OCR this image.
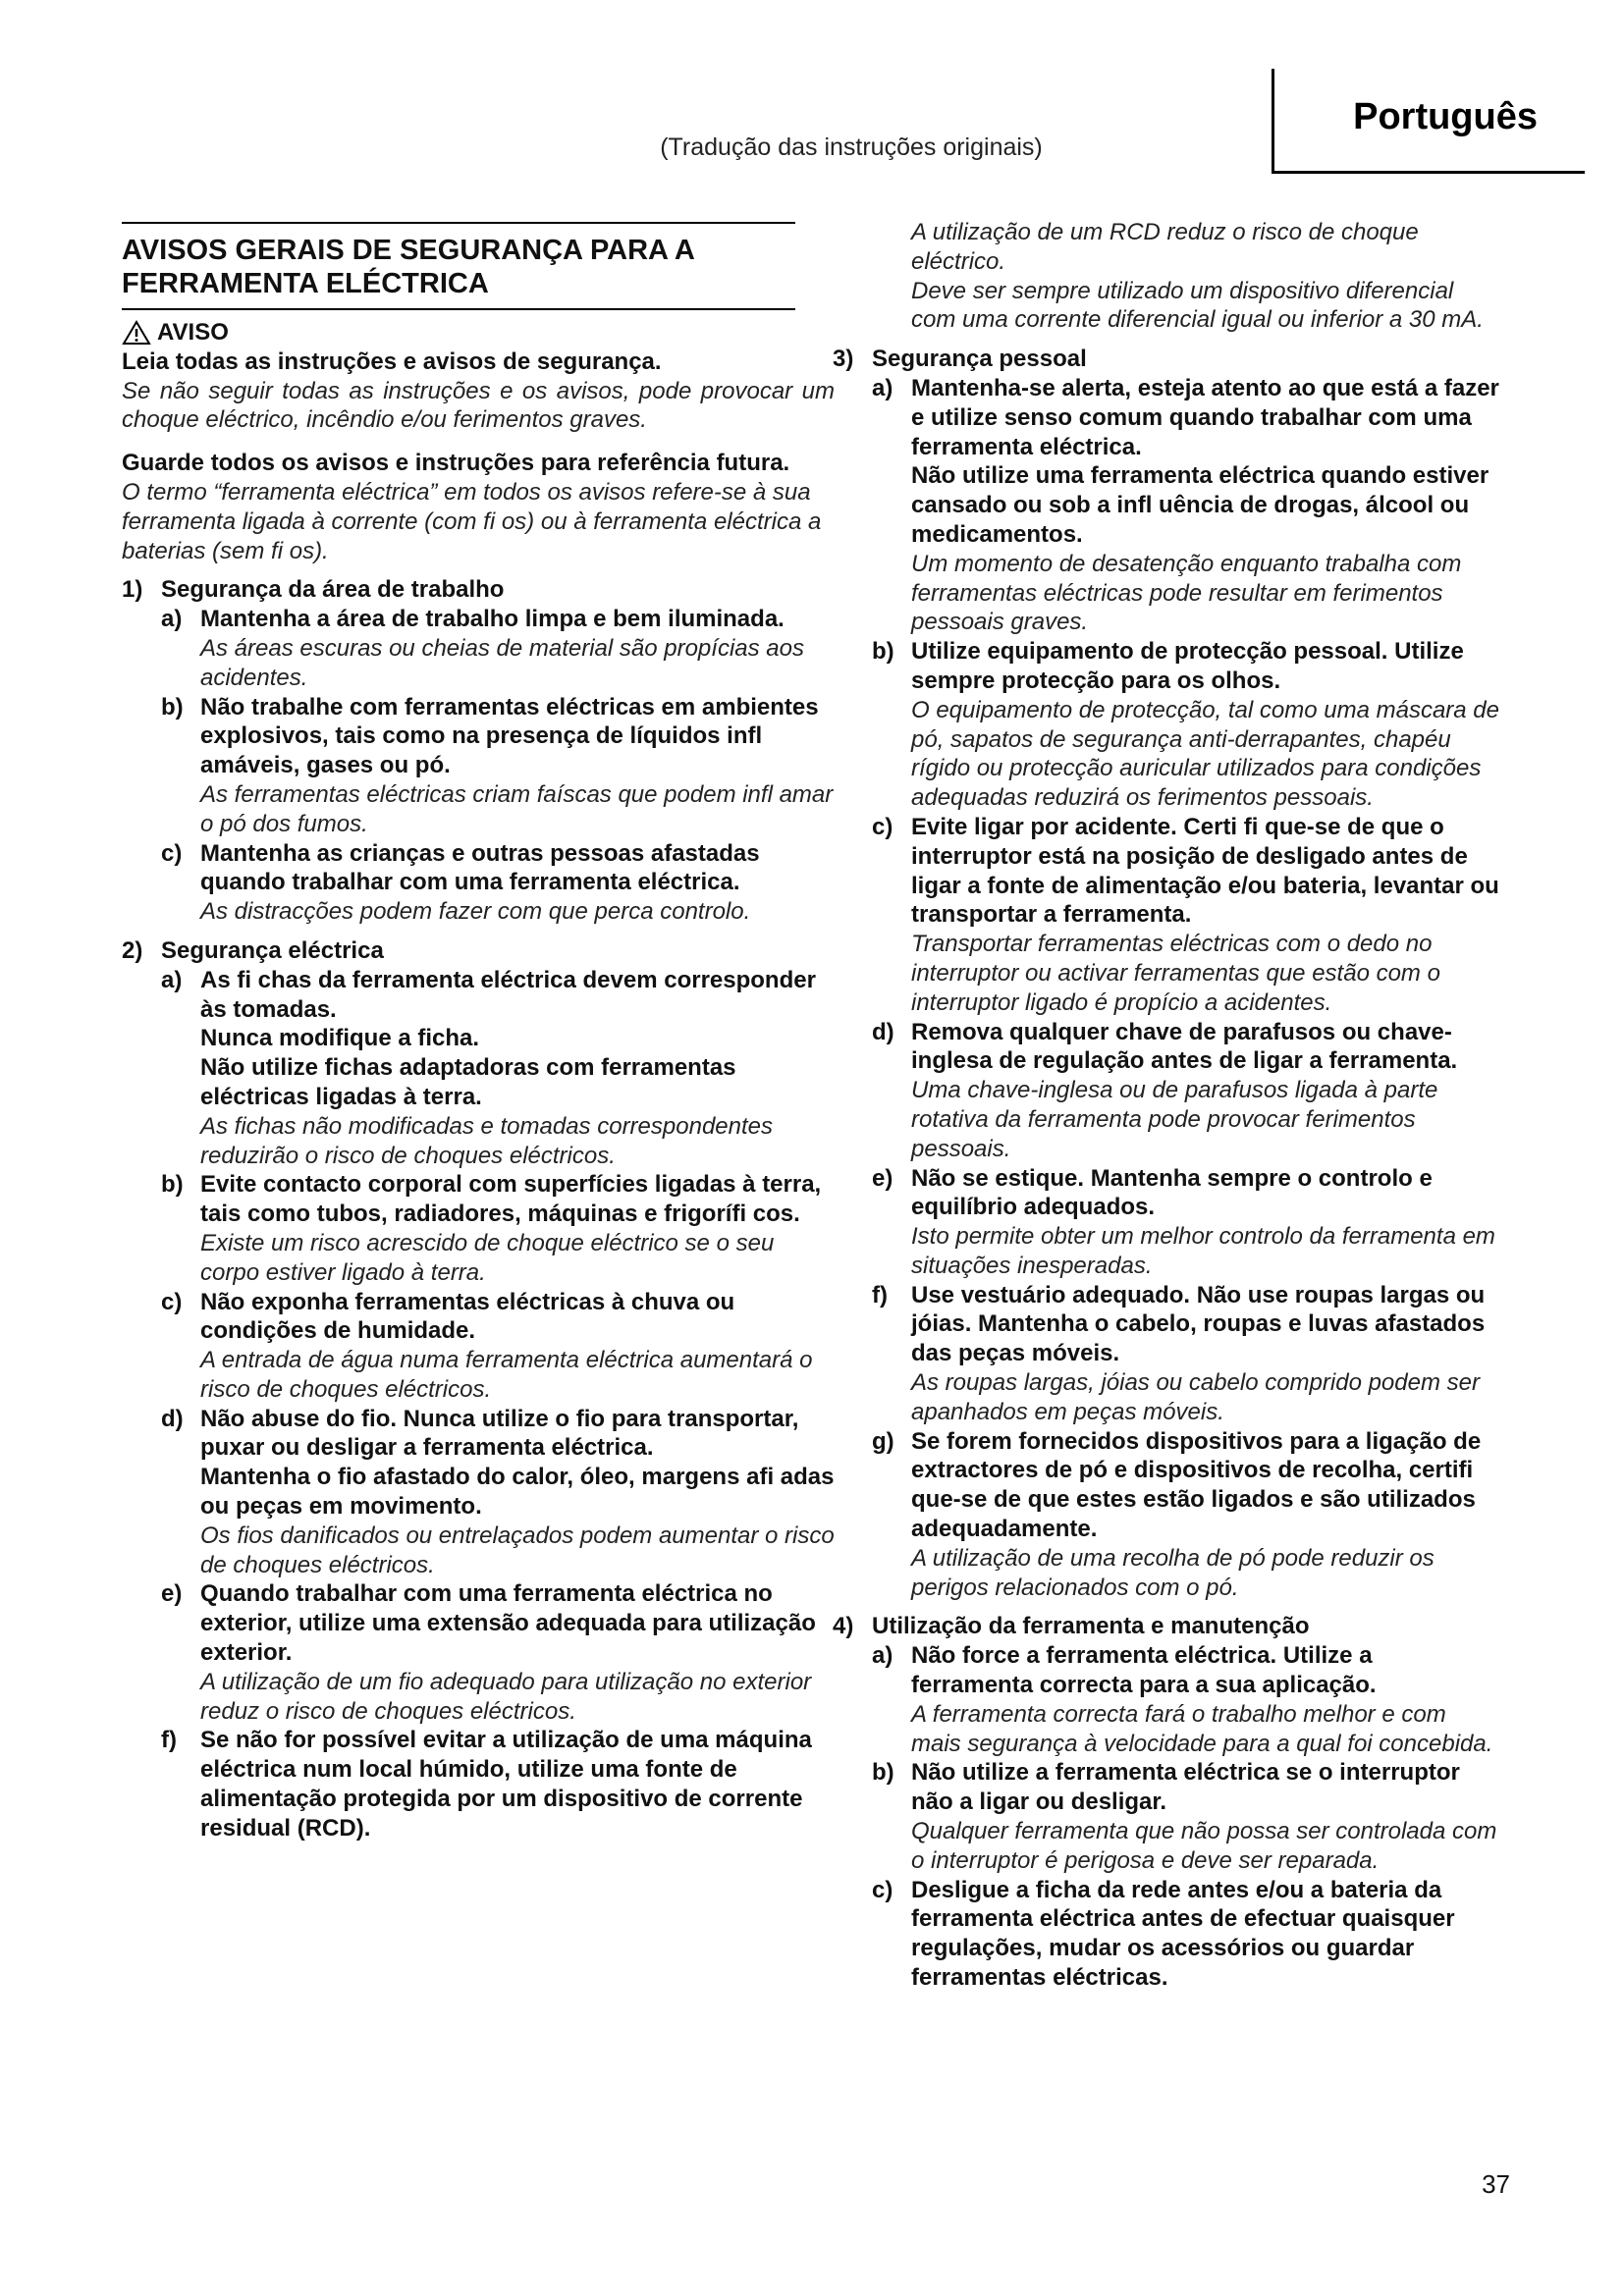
Português
(Tradução das instruções originais)
AVISOS GERAIS DE SEGURANÇA PARA A FERRAMENTA ELÉCTRICA
AVISO

Leia todas as instruções e avisos de segurança.

Se não seguir todas as instruções e os avisos, pode provocar um choque eléctrico, incêndio e/ou ferimentos graves.

Guarde todos os avisos e instruções para referência futura.

O termo “ferramenta eléctrica” em todos os avisos refere-se à sua ferramenta ligada à corrente (com fi os) ou à ferramenta eléctrica a baterias (sem fi os).

1) Segurança da área de trabalho
a) Mantenha a área de trabalho limpa e bem iluminada.

As áreas escuras ou cheias de material são propícias aos acidentes.

b) Não trabalhe com ferramentas eléctricas em ambientes explosivos, tais como na presença de líquidos infl amáveis, gases ou pó.

As ferramentas eléctricas criam faíscas que podem infl amar o pó dos fumos.

c) Mantenha as crianças e outras pessoas afastadas quando trabalhar com uma ferramenta eléctrica.

As distracções podem fazer com que perca controlo.

2) Segurança eléctrica
a) As fi chas da ferramenta eléctrica devem corresponder às tomadas.

Nunca modifique a ficha.

Não utilize fichas adaptadoras com ferramentas eléctricas ligadas à terra.

As fichas não modificadas e tomadas correspondentes reduzirão o risco de choques eléctricos.

b) Evite contacto corporal com superfícies ligadas à terra, tais como tubos, radiadores, máquinas e frigoríﬁ cos.

Existe um risco acrescido de choque eléctrico se o seu corpo estiver ligado à terra.

c) Não exponha ferramentas eléctricas à chuva ou condições de humidade.

A entrada de água numa ferramenta eléctrica aumentará o risco de choques eléctricos.

d) Não abuse do fio. Nunca utilize o fio para transportar, puxar ou desligar a ferramenta eléctrica.

Mantenha o fio afastado do calor, óleo, margens afi adas ou peças em movimento.

Os fios danificados ou entrelaçados podem aumentar o risco de choques eléctricos.

e) Quando trabalhar com uma ferramenta eléctrica no exterior, utilize uma extensão adequada para utilização exterior.

A utilização de um fio adequado para utilização no exterior reduz o risco de choques eléctricos.

f)	Se não for possível evitar a utilização de uma máquina eléctrica num local húmido, utilize uma fonte de alimentação protegida por um dispositivo de corrente residual (RCD).

A utilização de um RCD reduz o risco de choque eléctrico.

Deve ser sempre utilizado um dispositivo diferencial com uma corrente diferencial igual ou inferior a 30 mA.

3) Segurança pessoal
a) Mantenha-se alerta, esteja atento ao que está a fazer e utilize senso comum quando trabalhar com uma ferramenta eléctrica.

Não utilize uma ferramenta eléctrica quando estiver cansado ou sob a infl uência de drogas, álcool ou medicamentos.

Um momento de desatenção enquanto trabalha com ferramentas eléctricas pode resultar em ferimentos pessoais graves.

b) Utilize equipamento de protecção pessoal. Utilize sempre protecção para os olhos.

O equipamento de protecção, tal como uma máscara de pó, sapatos de segurança anti-derrapantes, chapéu rígido ou protecção auricular utilizados para condições adequadas reduzirá os ferimentos pessoais.

c) Evite ligar por acidente. Certi fi que-se de que o interruptor está na posição de desligado antes de ligar a fonte de alimentação e/ou bateria, levantar ou transportar a ferramenta.

Transportar ferramentas eléctricas com o dedo no interruptor ou activar ferramentas que estão com o interruptor ligado é propício a acidentes.

d) Remova qualquer chave de parafusos ou chave-inglesa de regulação antes de ligar a ferramenta.

Uma chave-inglesa ou de parafusos ligada à parte rotativa da ferramenta pode provocar ferimentos pessoais.

e) Não se estique. Mantenha sempre o controlo e equilíbrio adequados.

Isto permite obter um melhor controlo da ferramenta em situações inesperadas.

f)	Use vestuário adequado. Não use roupas largas ou jóias. Mantenha o cabelo, roupas e luvas afastados das peças móveis.

As roupas largas, jóias ou cabelo comprido podem ser apanhados em peças móveis.

g) Se forem fornecidos dispositivos para a ligação de extractores de pó e dispositivos de recolha, certifi que-se de que estes estão ligados e são utilizados adequadamente.

A utilização de uma recolha de pó pode reduzir os perigos relacionados com o pó.

4) Utilização da ferramenta e manutenção
a) Não force a ferramenta eléctrica. Utilize a ferramenta correcta para a sua aplicação.

A ferramenta correcta fará o trabalho melhor e com mais segurança à velocidade para a qual foi concebida.

b) Não utilize a ferramenta eléctrica se o interruptor não a ligar ou desligar.

Qualquer ferramenta que não possa ser controlada com o interruptor é perigosa e deve ser reparada.

c) Desligue a ficha da rede antes e/ou a bateria da ferramenta eléctrica antes de efectuar quaisquer regulações, mudar os acessórios ou guardar ferramentas eléctricas.

37
